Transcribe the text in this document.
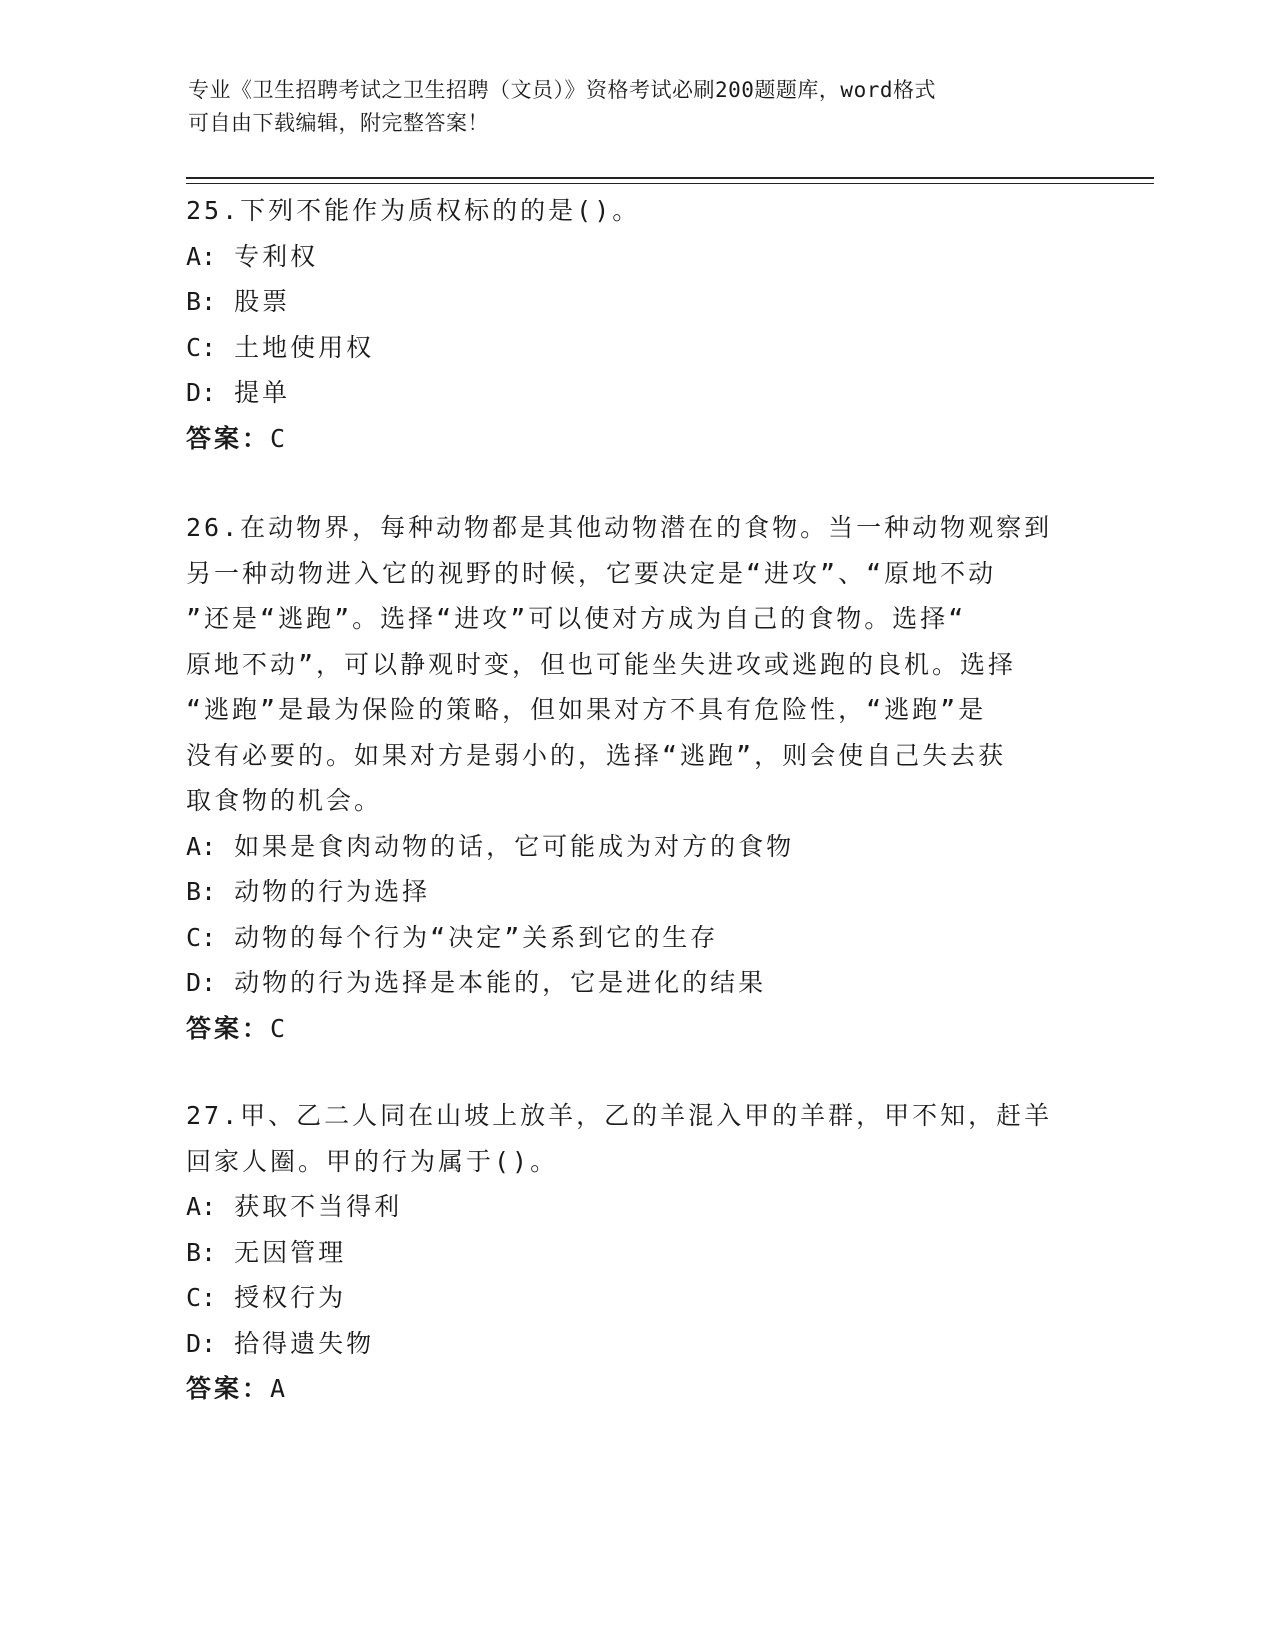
专业《卫生招聘考试之卫生招聘（文员）》资格考试必刷200题题库，word格式
可自由下载编辑，附完整答案！

25.下列不能作为质权标的的是()。

A: 专利权

B: 股票

C: 土地使用权

D: 提单

答案：C

26.在动物界，每种动物都是其他动物潜在的食物。当一种动物观察到

另一种动物进入它的视野的时候，它要决定是“进攻”、“原地不动

”还是“逃跑”。选择“进攻”可以使对方成为自己的食物。选择“

原地不动”，可以静观时变，但也可能坐失进攻或逃跑的良机。选择

“逃跑”是最为保险的策略，但如果对方不具有危险性，“逃跑”是

没有必要的。如果对方是弱小的，选择“逃跑”，则会使自己失去获

取食物的机会。

A: 如果是食肉动物的话，它可能成为对方的食物

B: 动物的行为选择

C: 动物的每个行为“决定”关系到它的生存

D: 动物的行为选择是本能的，它是进化的结果

答案：C

27.甲、乙二人同在山坡上放羊，乙的羊混入甲的羊群，甲不知，赶羊

回家人圈。甲的行为属于()。

A: 获取不当得利

B: 无因管理

C: 授权行为

D: 拾得遗失物

答案：A
